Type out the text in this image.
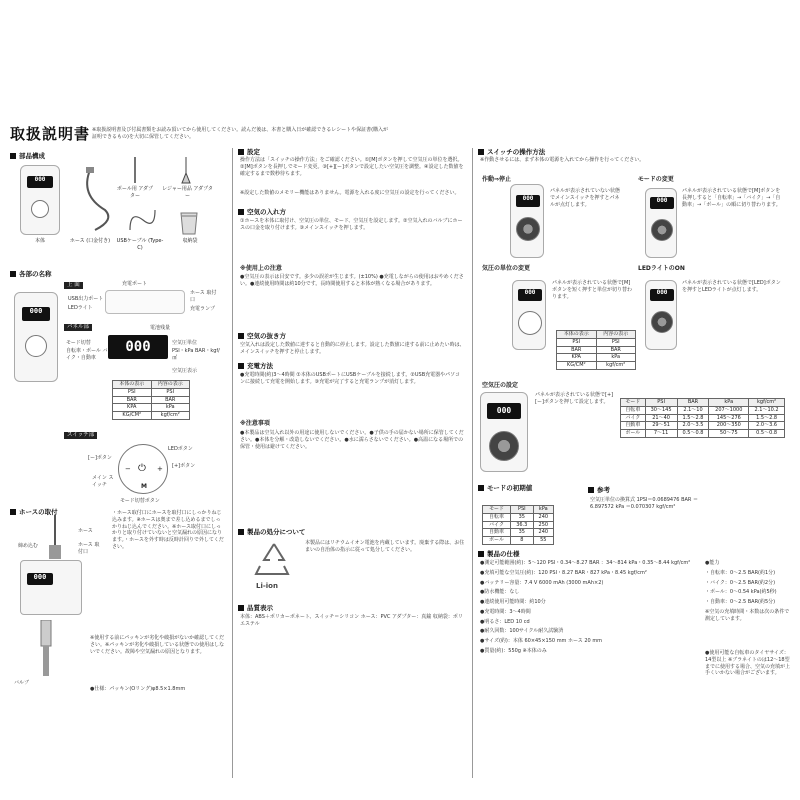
取扱説明書 ※取扱説明書及び付属書類をお読み頂いてから使用してください。読んだ後は、本書と購入日が確認できるレシートや保証書(購入が証明できるもの)を大切に保管してください。
部品構成
000
本体	ホース (口金付き)
ボール用 アダプター
レジャー用品 アダプター
USBケーブル (Type-C)
収納袋
各部の名称
000
上 面
USB出力ポート
LEDライト
充電ポート
ホース 取付口
充電ランプ
パネル部	電池残量
000
モード切替
自転車・ボール バイク・自動車
空気圧単位
PSI・kPa BAR・kgf/㎠
空気圧表示
本体の表示	内容の表示
PSI	PSI
BAR	BAR
KPA	kPa
KG/CM²	kgf/cm²
スイッチ部
⏻
M
−	+
LEDボタン
[ー]ボタン
[+]ボタン
メイン スイッチ
モード切替ボタン
ホースの取付
000
締め込む
ホース
ホース 取付口
・ホース取付口にホースを取付口にしっかりねじ込みます。※ホースは奥まで差し込めるまでしっかりねじ込んでください。※ホース取付口にしっかりと取り付けていないと空気漏れの原因になります。・ホースを外す時は反時計回りで外してください。
バルブ
※使用する前にパッキンが劣化や破損がないか確認してください。※パッキンが劣化や破損している状態での使用はしないでください。故障や空気漏れの原因となります。
●仕様：パッキン(Oリング)φ8.5×1.8mm
設定
操作方法は「スイッチの操作方法」をご確認ください。①[M]ボタンを押して空気圧の単位を選択。②[M]ボタンを長押しでモード変更。③[+][ー]ボタンで設定したい空気圧を調整。④設定した数値を確定するまで数秒待ちます。
※設定した数値のメモリー機能はありません。電源を入れる度に空気圧の設定を行ってください。
空気の入れ方
①ホースを本体に取付け、空気圧の単位、モード、空気圧を設定します。②空気入れのバルブにホースの口金を取り付けます。③メインスイッチを押します。
※使用上の注意
●空気圧の表示は目安です。多少の誤差が生じます。(±10%) ●充電しながらの使用はおやめください。●連続使用時間は約10分です。長時間使用すると本体が熱くなる場合があります。
空気の抜き方
空気入れは設定した数値に達すると自動的に停止します。設定した数値に達する前に止めたい時は、メインスイッチを押すと停止します。
充電方法
●充電時間(約)3〜4時間 ①本体のUSBポートにUSBケーブルを接続します。②USB充電器やパソコンに接続して充電を開始します。③充電が完了すると充電ランプが消灯します。
※注意事項
●本製品は空気入れ以外の用途に使用しないでください。●子供の手の届かない場所に保管してください。●本体を分解・改造しないでください。●水に濡らさないでください。●高温になる場所での保管・使用は避けてください。
製品の処分について
Li-ion
本製品にはリチウムイオン電池を内蔵しています。廃棄する際は、お住まいの自治体の指示に従って処分してください。
品質表示
本体：ABS＋ポリカーボネート、スイッチ＝シリコン ホース：PVC アダプター：真鍮 収納袋：ポリエステル
スイッチの操作方法
※作動させるには、まず本体の電源を入れてから操作を行ってください。
作動⇒停止
000
パネルが表示されていない状態でメインスイッチを押すとパネルが点灯します。
モードの変更
000
パネルが表示されている状態で[M]ボタンを長押しすると「自転車」→「バイク」→「自動車」→「ボール」の順に切り替わります。
気圧の単位の変更
000
パネルが表示されている状態で[M]ボタンを短く押すと単位が切り替わります。
本体の表示	内容の表示
PSI	PSI
BAR	BAR
KPA	kPa
KG/CM²	kgf/cm²
LEDライトのON
000
パネルが表示されている状態で[LED]ボタンを押すとLEDライトが点灯します。
空気圧の設定
000
パネルが表示されている状態で[+][ー]ボタンを押して設定します。	モード	PSI	BAR	kPa	kgf/cm²
自転車	30〜145	2.1〜10	207〜1000	2.1〜10.2
バイク	21〜40	1.5〜2.8	145〜276	1.5〜2.8
自動車	29〜51	2.0〜3.5	200〜350	2.0〜3.6
ボール	7〜11	0.5〜0.8	50〜75	0.5〜0.8
モードの初期値
モード	PSI	kPa
自転車	35	240
バイク	36.3	250
自動車	35	240
ボール	8	55
参考
空気圧単位の換算式 1PSI＝0.0689476 BAR ＝6.897572 kPa ＝0.070307 kgf/cm²
製品の仕様
●測定可能範囲(約)：5〜120 PSI・0.34〜8.27 BAR ：34〜814 kPa・0.35〜8.44 kgf/cm²
●充填可能な空気圧(約)：120 PSI・8.27 BAR・827 kPa・8.45 kgf/cm²
●バッテリー容量：7.4 V 6000 mAh (3000 mAh×2)
●防水機能：なし
●連続使用可能時間：約10分
●充電時間：3〜4時間
●明るさ：LED 10 cd
●耐久回数：100サイクル耐久試験済
●サイズ(約)：本体 60×45×150 mm ホース 20 mm
●質量(約)：550g ※本体のみ
●能力
・自転車：0〜2.5 BAR(約1分)
・バイク：0〜2.5 BAR(約2分)
・ボール：0〜0.54 kPa(約5秒)
・自動車：0〜2.5 BAR(約5分)
※空気の充填時間・本数は次の条件で測定しています。
●使用可能な自転車のタイヤサイズ：14型以上 ※ブラネイトのは12〜18型までに使用する場合、空気の充填が上手くいかない場合がございます。
